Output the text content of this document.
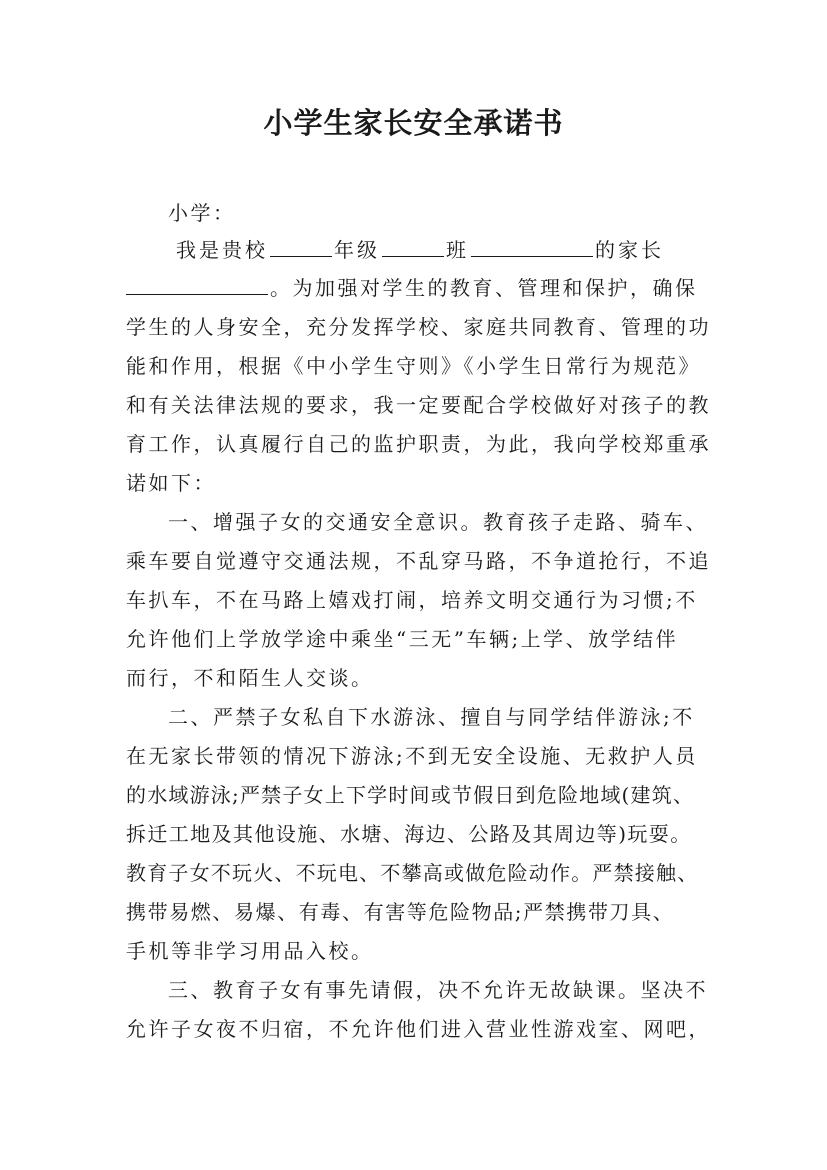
小学生家长安全承诺书
小学：
我是贵校	年级	班	的家长
。为加强对学生的教育、管理和保护，确保
学生的人身安全，充分发挥学校、家庭共同教育、管理的功
能和作用，根据《中小学生守则》《小学生日常行为规范》
和有关法律法规的要求，我一定要配合学校做好对孩子的教
育工作，认真履行自己的监护职责，为此，我向学校郑重承
诺如下：
一、增强子女的交通安全意识。教育孩子走路、骑车、
乘车要自觉遵守交通法规，不乱穿马路，不争道抢行，不追
车扒车，不在马路上嬉戏打闹，培养文明交通行为习惯;不
允许他们上学放学途中乘坐“三无”车辆;上学、放学结伴
而行，不和陌生人交谈。
二、严禁子女私自下水游泳、擅自与同学结伴游泳;不
在无家长带领的情况下游泳;不到无安全设施、无救护人员
的水域游泳;严禁子女上下学时间或节假日到危险地域(建筑、
拆迁工地及其他设施、水塘、海边、公路及其周边等)玩耍。
教育子女不玩火、不玩电、不攀高或做危险动作。严禁接触、
携带易燃、易爆、有毒、有害等危险物品;严禁携带刀具、
手机等非学习用品入校。
三、教育子女有事先请假，决不允许无故缺课。坚决不
允许子女夜不归宿，不允许他们进入营业性游戏室、网吧，
